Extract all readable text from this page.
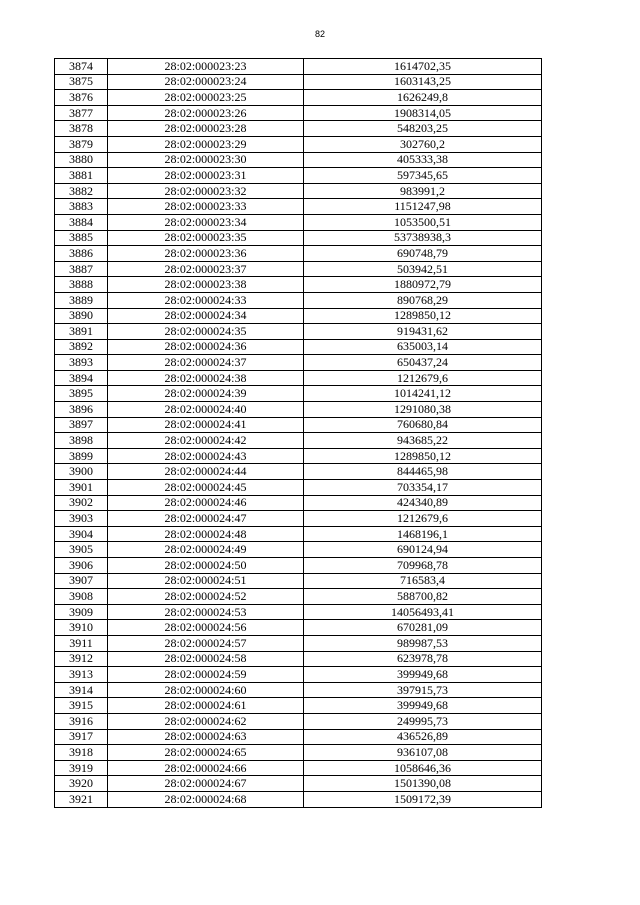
82
3874	28:02:000023:23	1614702,35
3875	28:02:000023:24	1603143,25
3876	28:02:000023:25	1626249,8
3877	28:02:000023:26	1908314,05
3878	28:02:000023:28	548203,25
3879	28:02:000023:29	302760,2
3880	28:02:000023:30	405333,38
3881	28:02:000023:31	597345,65
3882	28:02:000023:32	983991,2
3883	28:02:000023:33	1151247,98
3884	28:02:000023:34	1053500,51
3885	28:02:000023:35	53738938,3
3886	28:02:000023:36	690748,79
3887	28:02:000023:37	503942,51
3888	28:02:000023:38	1880972,79
3889	28:02:000024:33	890768,29
3890	28:02:000024:34	1289850,12
3891	28:02:000024:35	919431,62
3892	28:02:000024:36	635003,14
3893	28:02:000024:37	650437,24
3894	28:02:000024:38	1212679,6
3895	28:02:000024:39	1014241,12
3896	28:02:000024:40	1291080,38
3897	28:02:000024:41	760680,84
3898	28:02:000024:42	943685,22
3899	28:02:000024:43	1289850,12
3900	28:02:000024:44	844465,98
3901	28:02:000024:45	703354,17
3902	28:02:000024:46	424340,89
3903	28:02:000024:47	1212679,6
3904	28:02:000024:48	1468196,1
3905	28:02:000024:49	690124,94
3906	28:02:000024:50	709968,78
3907	28:02:000024:51	716583,4
3908	28:02:000024:52	588700,82
3909	28:02:000024:53	14056493,41
3910	28:02:000024:56	670281,09
3911	28:02:000024:57	989987,53
3912	28:02:000024:58	623978,78
3913	28:02:000024:59	399949,68
3914	28:02:000024:60	397915,73
3915	28:02:000024:61	399949,68
3916	28:02:000024:62	249995,73
3917	28:02:000024:63	436526,89
3918	28:02:000024:65	936107,08
3919	28:02:000024:66	1058646,36
3920	28:02:000024:67	1501390,08
3921	28:02:000024:68	1509172,39
